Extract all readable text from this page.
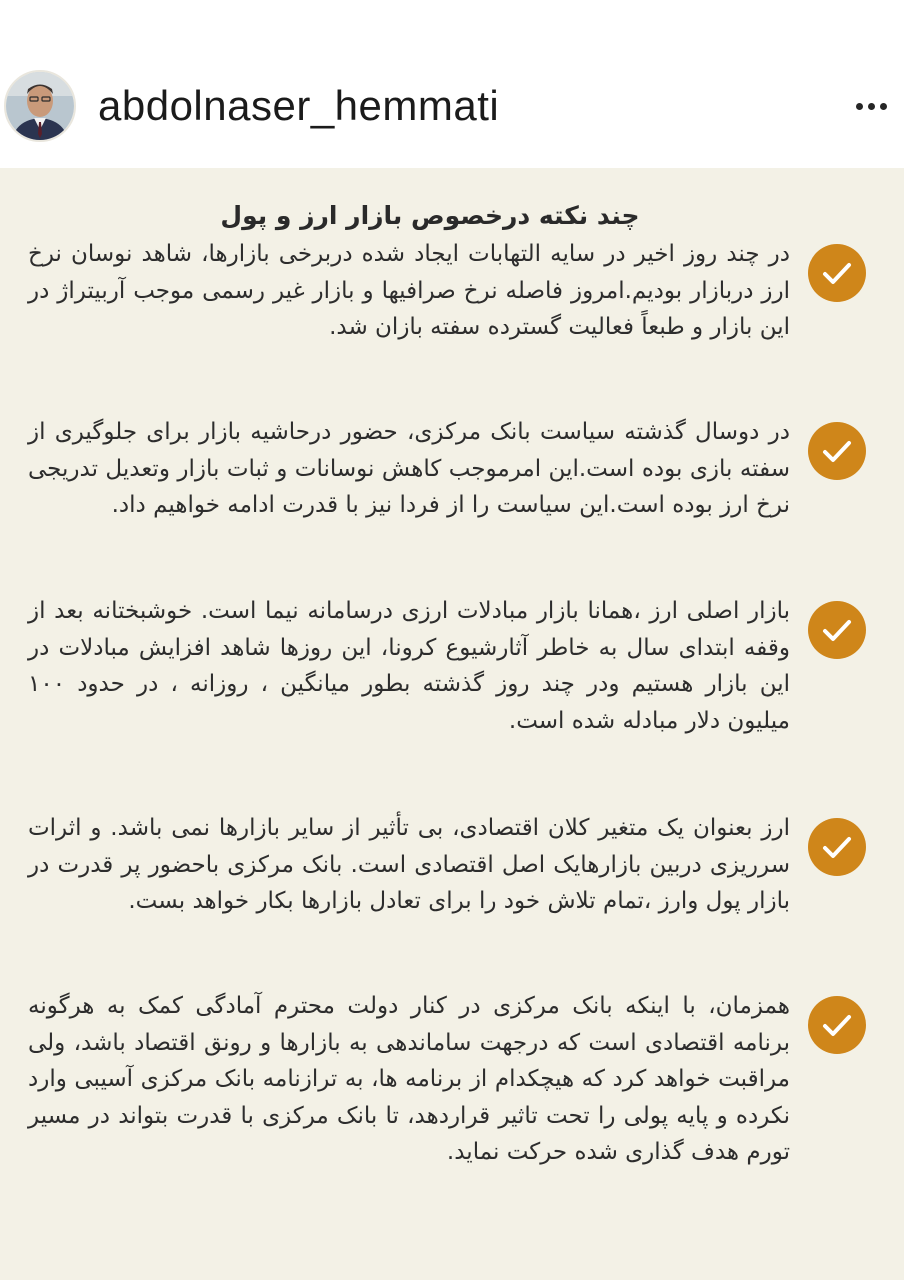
abdolnaser_hemmati
چند نکته درخصوص بازار ارز و پول

در چند روز اخیر در سایه التهابات ایجاد شده دربرخی بازارها، شاهد نوسان نرخ ارز دربازار بودیم.امروز فاصله نرخ صرافیها و بازار غیر رسمی موجب آربیتراژ در این بازار و طبعاً فعالیت گسترده سفته بازان شد.

در دوسال گذشته سیاست بانک مرکزی، حضور درحاشیه بازار برای جلوگیری از سفته بازی بوده است.این امرموجب کاهش نوسانات و ثبات بازار وتعدیل تدریجی نرخ ارز بوده است.این سیاست را از فردا نیز با قدرت ادامه خواهیم داد.

بازار اصلی ارز ،همانا بازار مبادلات ارزی درسامانه نیما است. خوشبختانه بعد از وقفه ابتدای سال به خاطر آثارشیوع کرونا، این روزها شاهد افزایش مبادلات در این بازار هستیم ودر چند روز گذشته بطور میانگین ، روزانه ، در حدود ۱۰۰ میلیون دلار مبادله شده است.

ارز بعنوان یک متغیر کلان اقتصادی، بی تأثیر از سایر بازارها نمی باشد. و اثرات سرریزی دربین بازارهایک اصل اقتصادی است. بانک مرکزی باحضور پر قدرت در بازار پول وارز ،تمام تلاش خود را برای تعادل بازارها بکار خواهد بست.

همزمان، با اینکه بانک مرکزی در کنار دولت محترم آمادگی کمک به هرگونه برنامه اقتصادی است که درجهت ساماندهی به بازارها و رونق اقتصاد باشد، ولی مراقبت خواهد کرد که هیچکدام از برنامه ها، به ترازنامه بانک مرکزی آسیبی وارد نکرده و پایه پولی را تحت تاثیر قراردهد، تا بانک مرکزی با قدرت بتواند در مسیر تورم هدف گذاری شده حرکت نماید.
